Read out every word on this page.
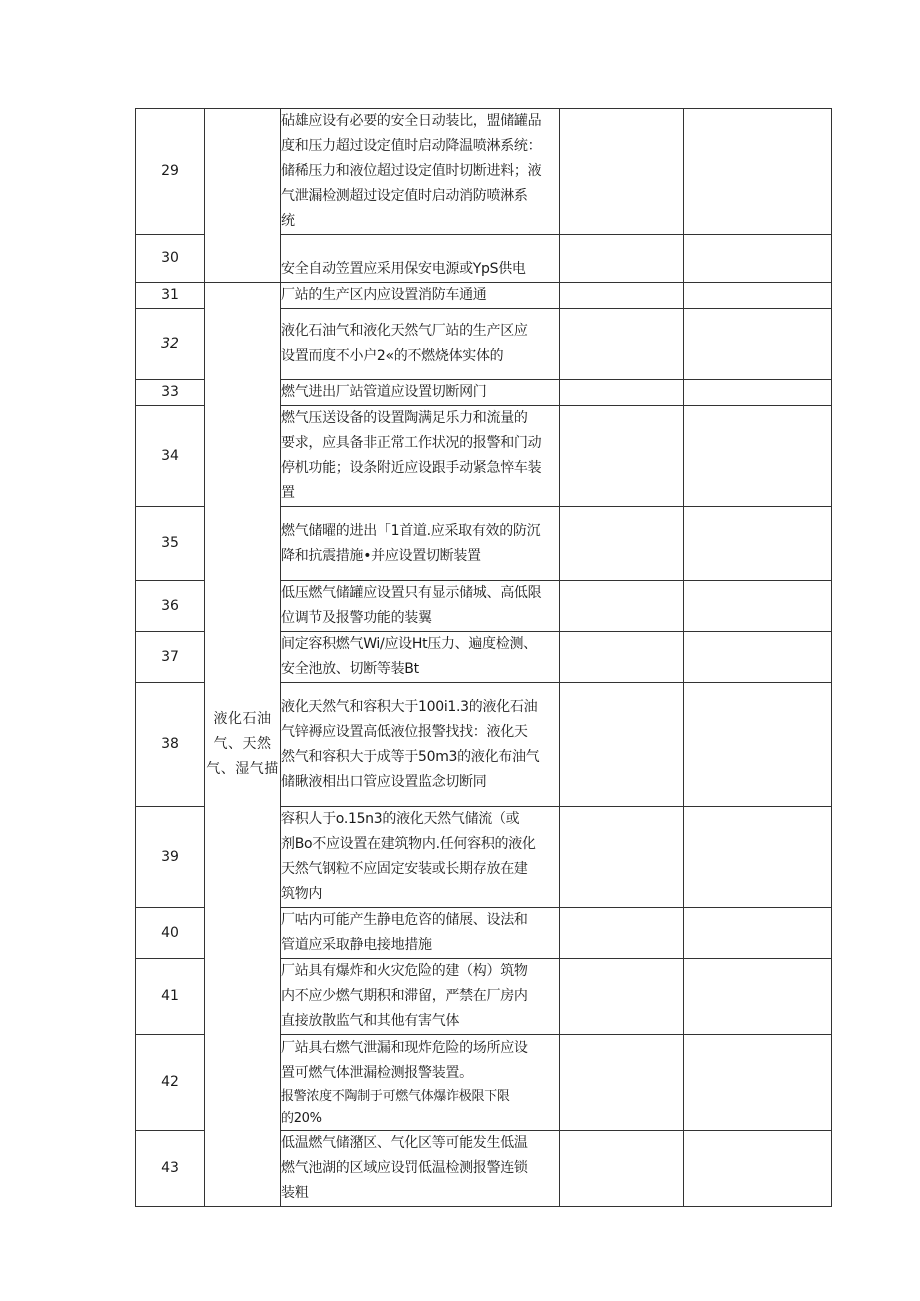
29		砧雄应设有必要的安全日动装比，盟储罐品
度和压力超过设定值时启动降温喷淋系统：
储稀压力和液位超过设定值时切断进料；液
气泄漏检测超过设定值时启动消防喷淋系
统		

30		安全自动笠置应采用保安电源或YpS供电		

31	液化石油
气、天然
气、湿气描	厂站的生产区内应设置消防车通通		

32		液化石油气和液化天然气厂站的生产区应
设置而度不小户2«的不燃烧体实体的		

33		燃气进出厂站管道应设置切断网门		

34		燃气压送设备的设置陶满足乐力和流量的
要求，应具备非正常工作状况的报警和门动
停机功能；设条附近应设跟手动紧急悴车装
置		

35		燃气储曜的进出「1首道.应采取有效的防沉
降和抗震措施•并应设置切断装置		

36		低压燃气储罐应设置只有显示储城、高低限
位调节及报警功能的装翼		

37		间定容积燃气Wi/应设Ht压力、遍度检测、
安全池放、切断等装Bt		

38		液化天然气和容积大于100i1.3的液化石油
气锌褥应设置高低液位报警找找：液化天
然气和容积大于成等于50m3的液化布油气
储瞅液相出口管应设置监念切断同		

39		容积人于o.15n3的液化天然气储流（或
剂Bo不应设置在建筑物内.任何容积的液化
天然气钢粒不应固定安装或长期存放在建
筑物内		

40		厂咕内可能产生静电危咨的储展、设法和
管道应采取静电接地措施		

41		厂站具有爆炸和火灾危险的建（构）筑物
内不应少燃气期积和滞留，严禁在厂房内
直接放散监气和其他有害气体		

42		厂站具右燃气泄漏和现炸危险的场所应设
置可燃气体泄漏检测报警装置。
报警浓度不陶制于可燃气体爆诈极限下限
的20%		

43		低温燃气储潴区、气化区等可能发生低温
燃气池湖的区域应设罚低温检测报警连锁
装粗		
